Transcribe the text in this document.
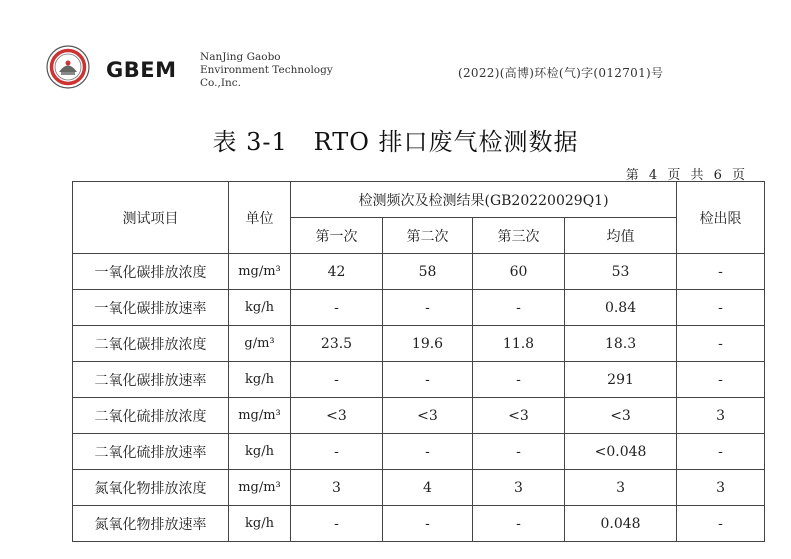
GBEM
NanJing Gaobo
Environment Technology
Co.,Inc.
(2022)(高博)环检(气)字(012701)号
表 3-1   RTO 排口废气检测数据
第 4 页 共 6 页
测试项目	单位	检测频次及检测结果(GB20220029Q1)				检出限
		第一次	第二次	第三次	均值	
一氧化碳排放浓度	mg/m³	42	58	60	53	-
一氧化碳排放速率	kg/h	-	-	-	0.84	-
二氧化碳排放浓度	g/m³	23.5	19.6	11.8	18.3	-
二氧化碳排放速率	kg/h	-	-	-	291	-
二氧化硫排放浓度	mg/m³	<3	<3	<3	<3	3
二氧化硫排放速率	kg/h	-	-	-	<0.048	-
氮氧化物排放浓度	mg/m³	3	4	3	3	3
氮氧化物排放速率	kg/h	-	-	-	0.048	-
